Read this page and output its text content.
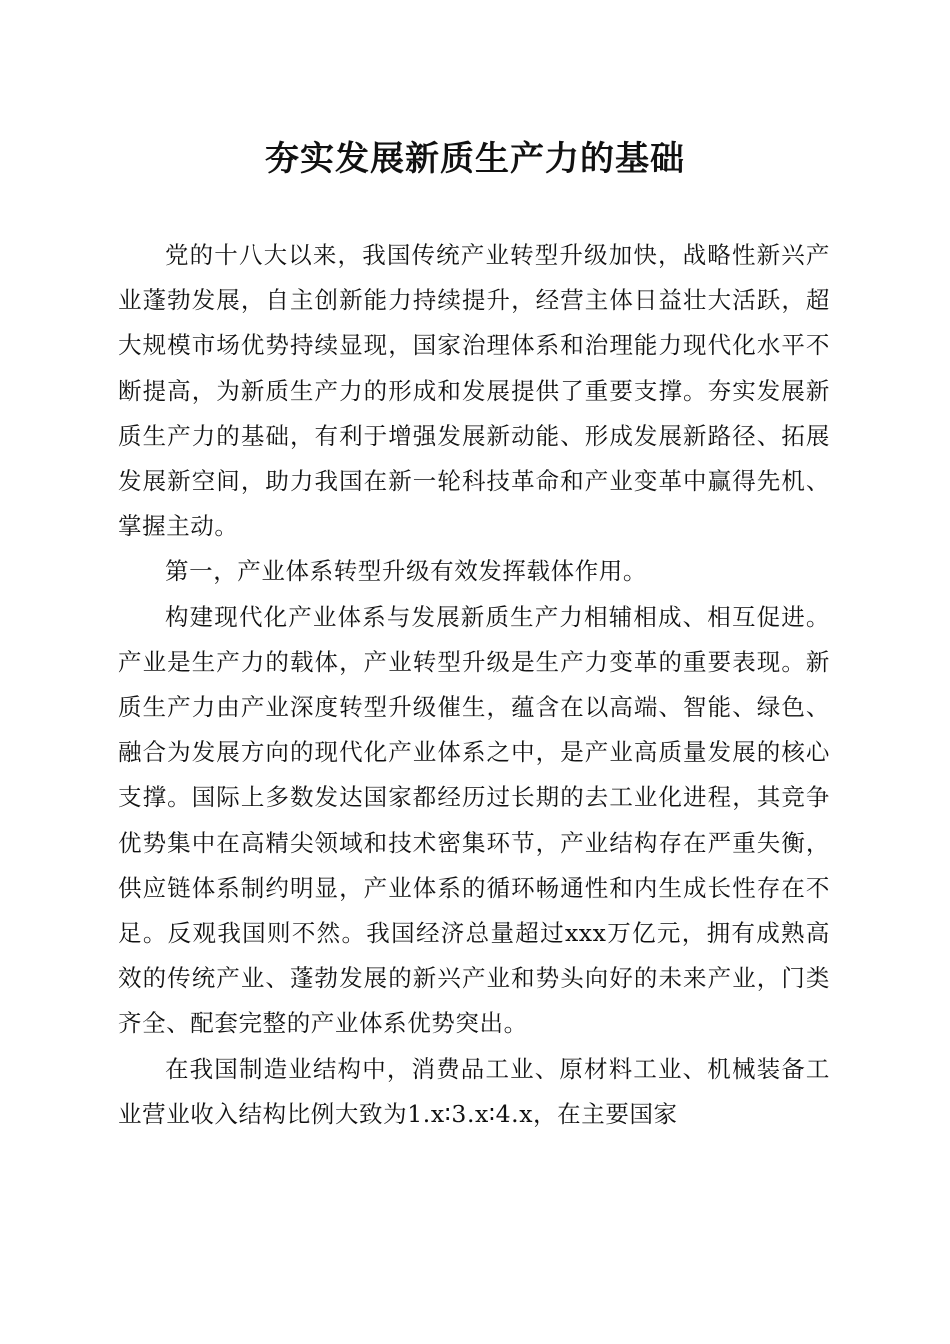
夯实发展新质生产力的基础

党的十八大以来，我国传统产业转型升级加快，战略性新兴产业蓬勃发展，自主创新能力持续提升，经营主体日益壮大活跃，超大规模市场优势持续显现，国家治理体系和治理能力现代化水平不断提高，为新质生产力的形成和发展提供了重要支撑。夯实发展新质生产力的基础，有利于增强发展新动能、形成发展新路径、拓展发展新空间，助力我国在新一轮科技革命和产业变革中赢得先机、掌握主动。

第一，产业体系转型升级有效发挥载体作用。

构建现代化产业体系与发展新质生产力相辅相成、相互促进。产业是生产力的载体，产业转型升级是生产力变革的重要表现。新质生产力由产业深度转型升级催生，蕴含在以高端、智能、绿色、融合为发展方向的现代化产业体系之中，是产业高质量发展的核心支撑。国际上多数发达国家都经历过长期的去工业化进程，其竞争优势集中在高精尖领域和技术密集环节，产业结构存在严重失衡，供应链体系制约明显，产业体系的循环畅通性和内生成长性存在不足。反观我国则不然。我国经济总量超过xxx万亿元，拥有成熟高效的传统产业、蓬勃发展的新兴产业和势头向好的未来产业，门类齐全、配套完整的产业体系优势突出。

在我国制造业结构中，消费品工业、原材料工业、机械装备工业营业收入结构比例大致为1.x∶3.x∶4.x，在主要国家
